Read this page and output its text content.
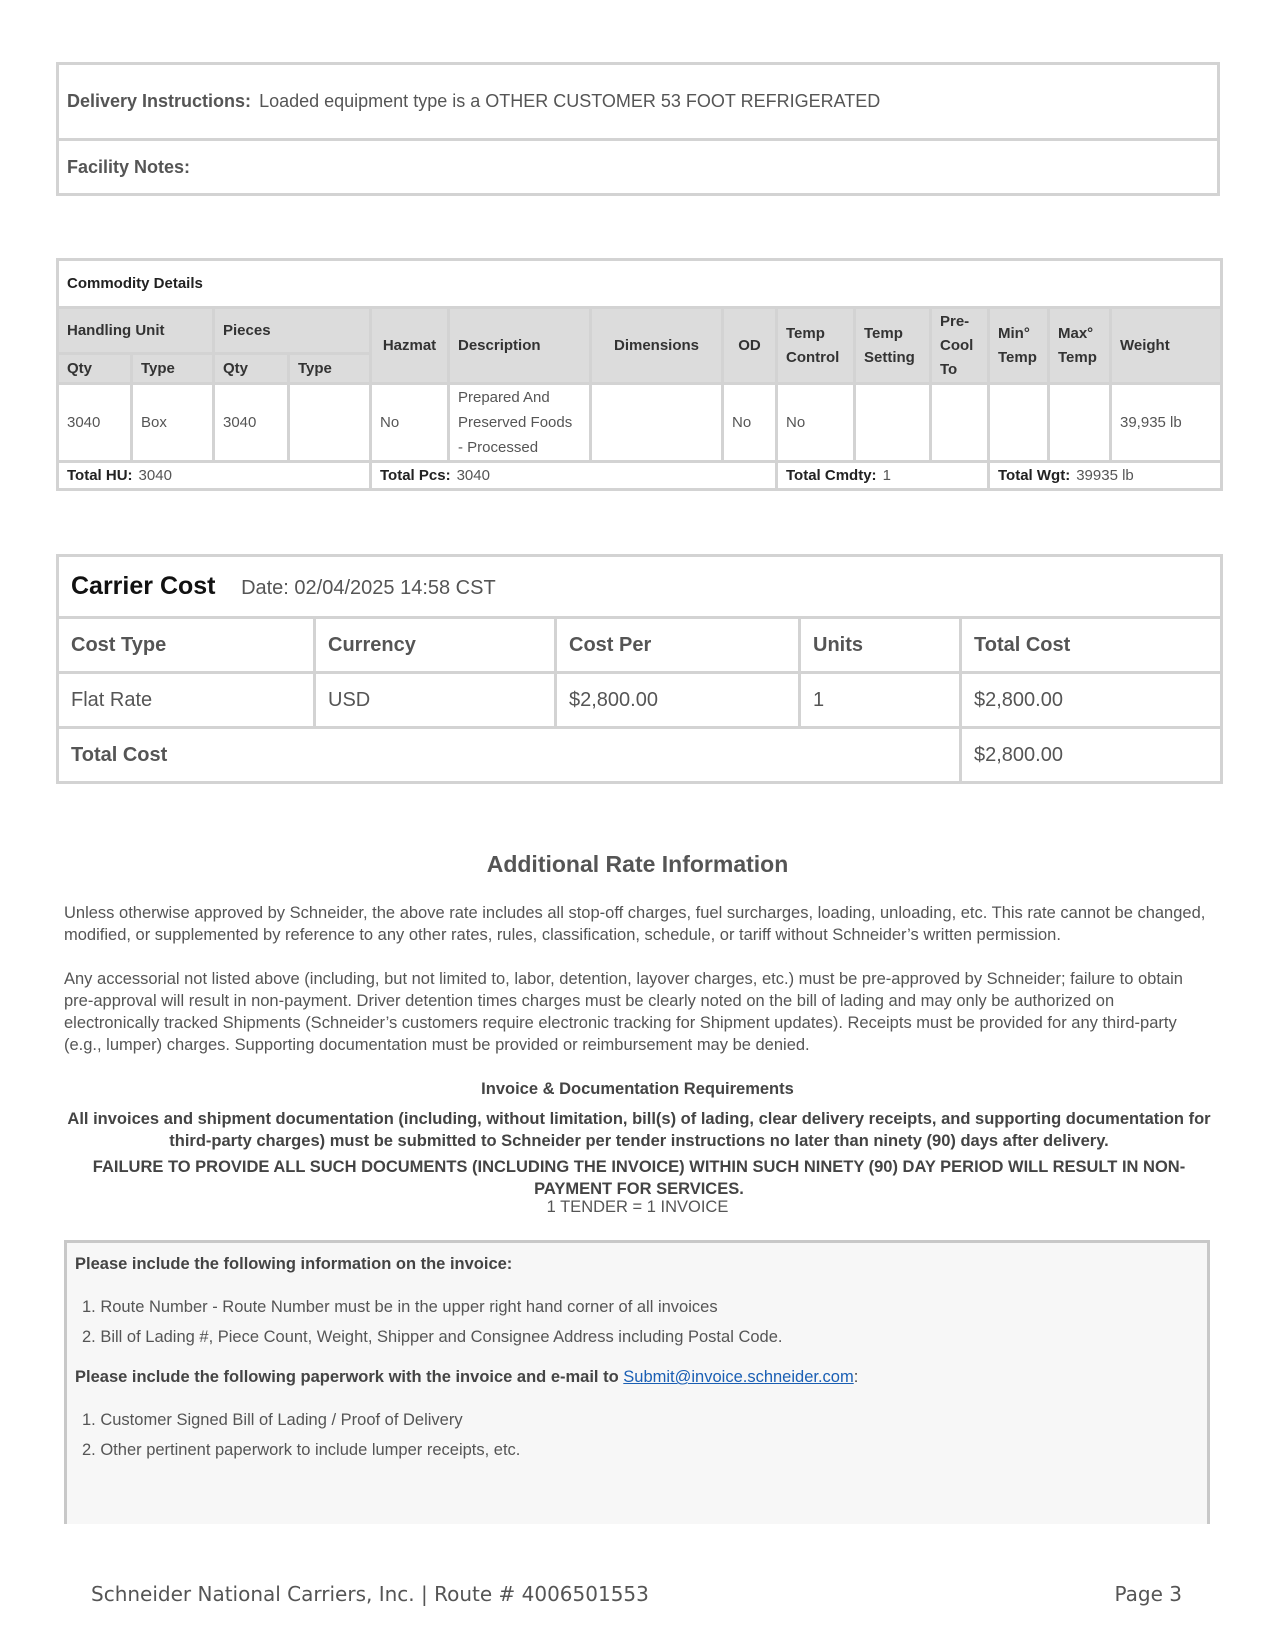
Delivery Instructions: Loaded equipment type is a OTHER CUSTOMER 53 FOOT REFRIGERATED
Facility Notes:
Commodity Details													
Handling Unit		Pieces		Hazmat	Description	Dimensions	OD	Temp Control	Temp Setting	Pre-Cool To	Min° Temp	Max° Temp	Weight
Qty	Type	Qty	Type										
3040	Box	3040		No	Prepared And Preserved Foods - Processed		No	No					39,935 lb
Total HU: 3040				Total Pcs: 3040				Total Cmdty: 1			Total Wgt: 39935 lb		
Carrier Cost Date: 02/04/2025 14:58 CST				
Cost Type	Currency	Cost Per	Units	Total Cost
Flat Rate	USD	$2,800.00	1	$2,800.00
Total Cost				$2,800.00
Additional Rate Information
Unless otherwise approved by Schneider, the above rate includes all stop-off charges, fuel surcharges, loading, unloading, etc. This rate cannot be changed, modified, or supplemented by reference to any other rates, rules, classification, schedule, or tariff without Schneider’s written permission.
Any accessorial not listed above (including, but not limited to, labor, detention, layover charges, etc.) must be pre-approved by Schneider; failure to obtain pre-approval will result in non-payment. Driver detention times charges must be clearly noted on the bill of lading and may only be authorized on electronically tracked Shipments (Schneider’s customers require electronic tracking for Shipment updates). Receipts must be provided for any third-party (e.g., lumper) charges. Supporting documentation must be provided or reimbursement may be denied.
Invoice & Documentation Requirements
All invoices and shipment documentation (including, without limitation, bill(s) of lading, clear delivery receipts, and supporting documentation for third-party charges) must be submitted to Schneider per tender instructions no later than ninety (90) days after delivery.
FAILURE TO PROVIDE ALL SUCH DOCUMENTS (INCLUDING THE INVOICE) WITHIN SUCH NINETY (90) DAY PERIOD WILL RESULT IN NON-PAYMENT FOR SERVICES.
1 TENDER = 1 INVOICE
Please include the following information on the invoice:
1. Route Number - Route Number must be in the upper right hand corner of all invoices
2. Bill of Lading #, Piece Count, Weight, Shipper and Consignee Address including Postal Code.
Please include the following paperwork with the invoice and e-mail to Submit@invoice.schneider.com:
1. Customer Signed Bill of Lading / Proof of Delivery
2. Other pertinent paperwork to include lumper receipts, etc.
Schneider National Carriers, Inc. | Route # 4006501553	Page 3
